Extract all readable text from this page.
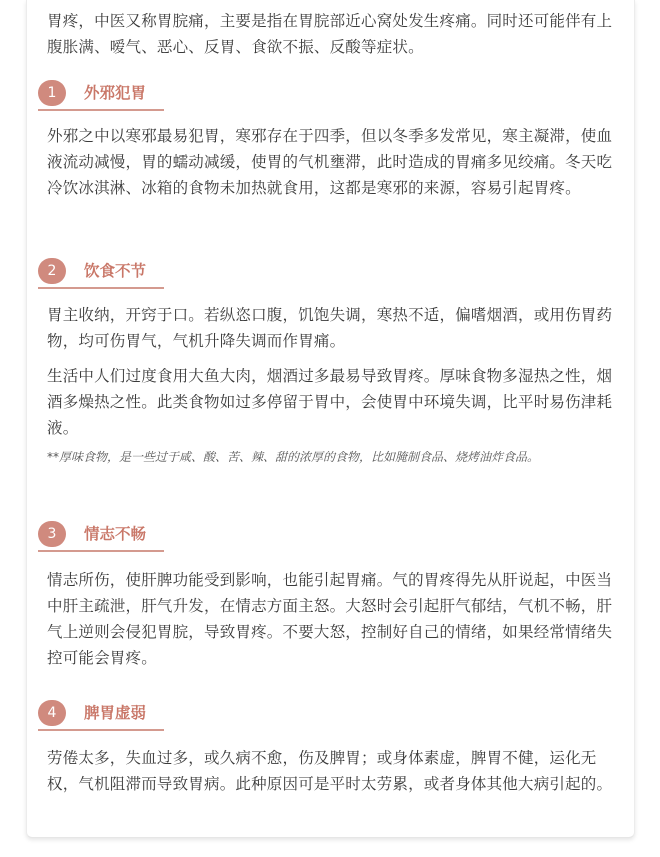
胃疼，中医又称胃脘痛，主要是指在胃脘部近心窝处发生疼痛。同时还可能伴有上腹胀满、嗳气、恶心、反胃、食欲不振、反酸等症状。

1	外邪犯胃

外邪之中以寒邪最易犯胃，寒邪存在于四季，但以冬季多发常见，寒主凝滞，使血液流动减慢，胃的蠕动减缓，使胃的气机壅滞，此时造成的胃痛多见绞痛。冬天吃冷饮冰淇淋、冰箱的食物未加热就食用，这都是寒邪的来源，容易引起胃疼。

2	饮食不节

胃主收纳，开窍于口。若纵恣口腹，饥饱失调，寒热不适，偏嗜烟酒，或用伤胃药物，均可伤胃气，气机升降失调而作胃痛。

生活中人们过度食用大鱼大肉，烟酒过多最易导致胃疼。厚味食物多湿热之性，烟酒多燥热之性。此类食物如过多停留于胃中，会使胃中环境失调，比平时易伤津耗液。

**厚味食物，是一些过于咸、酸、苦、辣、甜的浓厚的食物，比如腌制食品、烧烤油炸食品。

3	情志不畅

情志所伤，使肝脾功能受到影响，也能引起胃痛。气的胃疼得先从肝说起，中医当中肝主疏泄，肝气升发，在情志方面主怒。大怒时会引起肝气郁结，气机不畅，肝气上逆则会侵犯胃脘，导致胃疼。不要大怒，控制好自己的情绪，如果经常情绪失控可能会胃疼。

4	脾胃虚弱

劳倦太多，失血过多，或久病不愈，伤及脾胃；或身体素虚，脾胃不健，运化无权，气机阻滞而导致胃病。此种原因可是平时太劳累，或者身体其他大病引起的。
